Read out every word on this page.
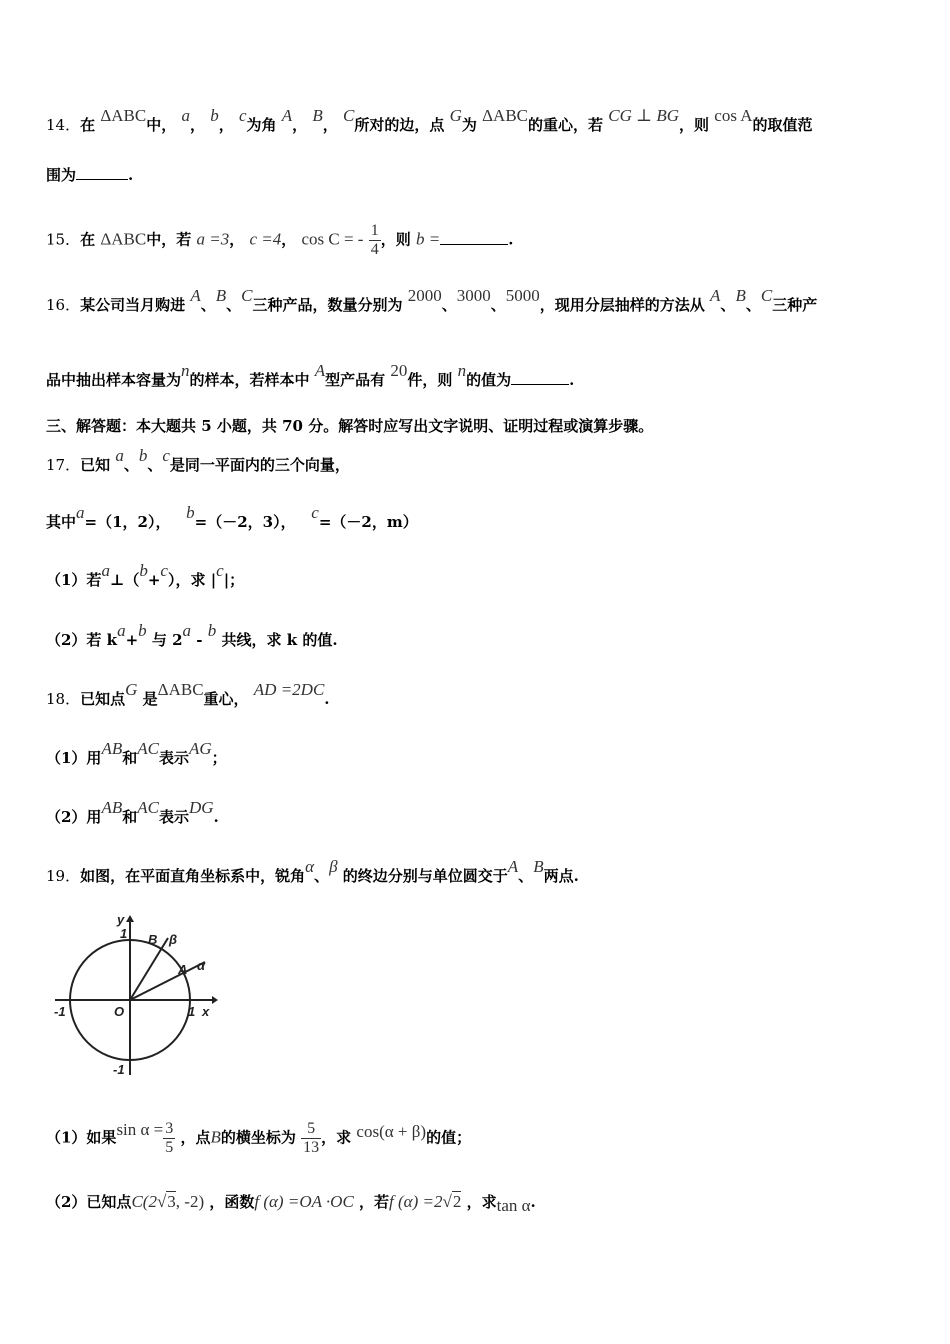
14．在 ΔABC中， a， b， c为角 A， B， C所对的边，点 G为 ΔABC的重心，若 CG ⊥ BG，则 cos A的取值范
围为	.
15．在 ΔABC中，若 a =3， c =4， cos C = - $\frac{1}{4}$ ，则 b =	.
16．某公司当月购进 A、B、C三种产品，数量分别为 2000、3000、5000，现用分层抽样的方法从 A、B、C三种产
品中抽出样本容量为n的样本，若样本中 A型产品有 20件，则 n的值为	.
三、解答题：本大题共 5 小题，共 70 分。解答时应写出文字说明、证明过程或演算步骤。
17．已知 a、b、c是同一平面内的三个向量，
其中a=（1，2）， b=（－2，3）， c=（－2，m）
（1）若a⊥（b+c），求 |c|；
（2）若 ka+b 与 2a - b 共线，求 k 的值.
18．已知点G 是ΔABC重心， AD =2DC.
（1）用AB和AC表示AG；
（2）用AB和AC表示DG.
19．如图，在平面直角坐标系中，锐角α、β 的终边分别与单位圆交于A、B两点.
y
1 B β
A α
O
-1	1 x
-1
（1）如果$\sin \alpha = \frac{3}{5}$ ，点B的横坐标为 $\frac{5}{13}$ ，求 cos(α + β)的值；
（2）已知点C(2√3, -2) ，函数f (α) =OA ·OC ，若f (α) =2√2 ，求tan α.
